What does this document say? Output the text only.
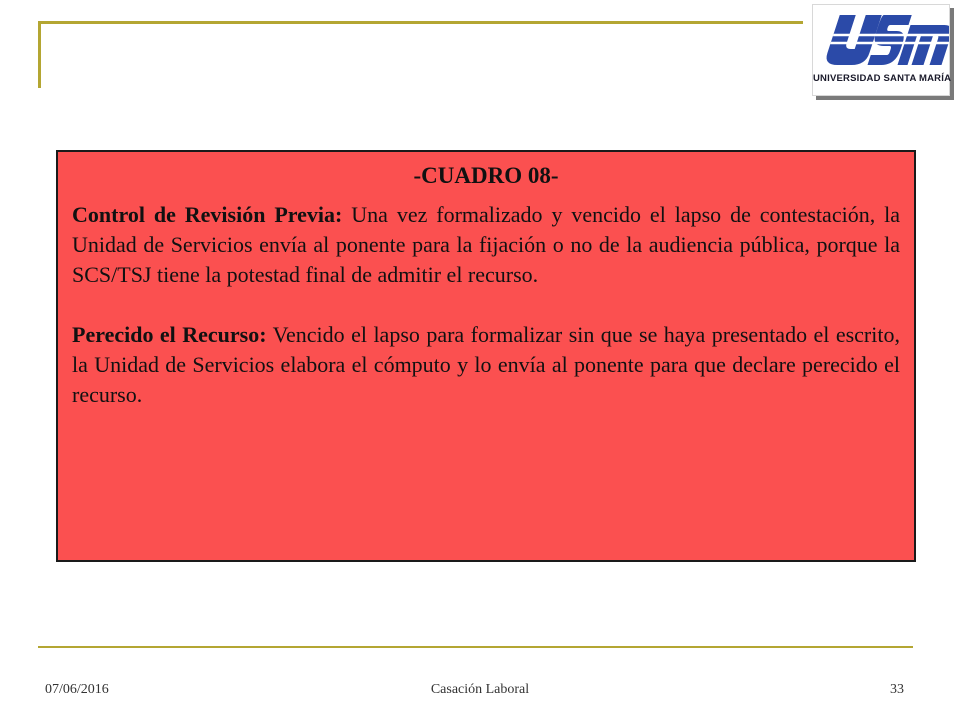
UNIVERSIDAD SANTA MARÍA
-CUADRO 08-

Control de Revisión Previa: Una vez formalizado y vencido el lapso de contestación, la Unidad de Servicios envía al ponente para la fijación o no de la audiencia pública, porque la SCS/TSJ tiene la potestad final de admitir el recurso.

Perecido el Recurso: Vencido el lapso para formalizar sin que se haya presentado el escrito, la Unidad de Servicios elabora el cómputo y lo envía al ponente para que declare perecido el recurso.

07/06/2016	Casación Laboral	33
